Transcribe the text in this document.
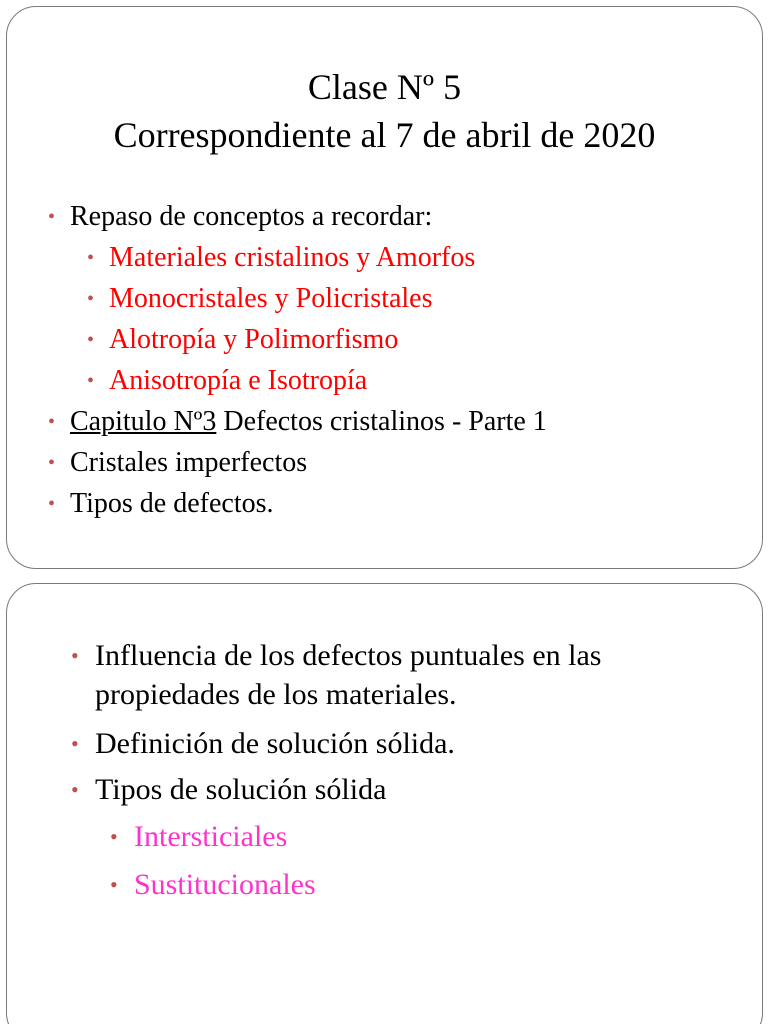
Clase Nº 5
Correspondiente al 7 de abril de 2020
• Repaso de conceptos a recordar:
• Materiales cristalinos y Amorfos
• Monocristales y Policristales
• Alotropía y Polimorfismo
• Anisotropía e Isotropía
• Capitulo Nº3 Defectos cristalinos - Parte 1
• Cristales imperfectos
• Tipos de defectos.
• Influencia de los defectos puntuales en las
propiedades de los materiales.
• Definición de solución sólida.
• Tipos de solución sólida
• Intersticiales
• Sustitucionales
